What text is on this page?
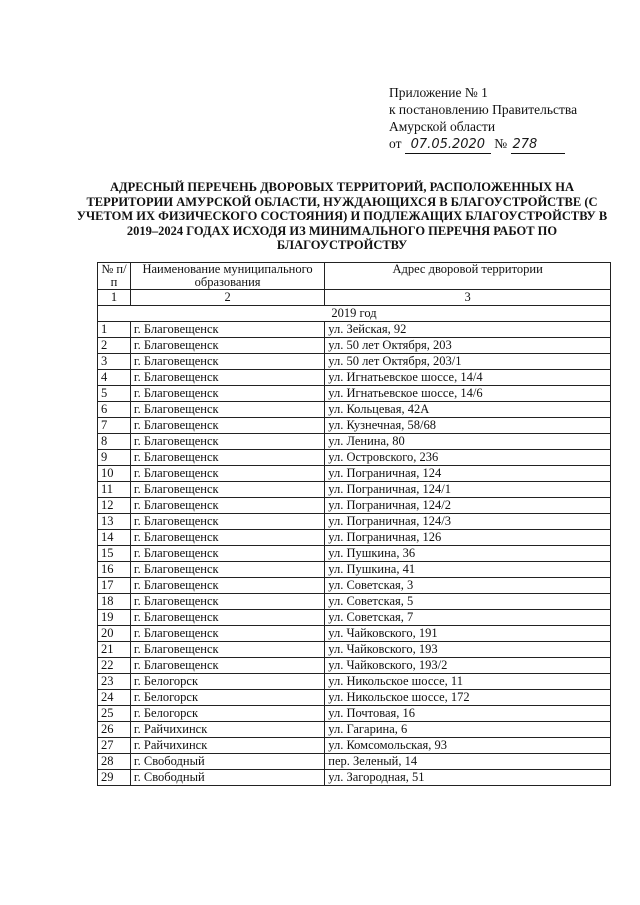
Приложение № 1
к постановлению Правительства
Амурской области
от 07.05.2020 № 278
АДРЕСНЫЙ ПЕРЕЧЕНЬ ДВОРОВЫХ ТЕРРИТОРИЙ, РАСПОЛОЖЕННЫХ НА ТЕРРИТОРИИ АМУРСКОЙ ОБЛАСТИ, НУЖДАЮЩИХСЯ В БЛАГОУСТРОЙСТВЕ (С УЧЕТОМ ИХ ФИЗИЧЕСКОГО СОСТОЯНИЯ) И ПОДЛЕЖАЩИХ БЛАГОУСТРОЙСТВУ В 2019–2024 ГОДАХ ИСХОДЯ ИЗ МИНИМАЛЬНОГО ПЕРЕЧНЯ РАБОТ ПО БЛАГОУСТРОЙСТВУ
№ п/п	Наименование муниципального образования	Адрес дворовой территории
1	2	3
2019 год		
1	г. Благовещенск	ул. Зейская, 92
2	г. Благовещенск	ул. 50 лет Октября, 203
3	г. Благовещенск	ул. 50 лет Октября, 203/1
4	г. Благовещенск	ул. Игнатьевское шоссе, 14/4
5	г. Благовещенск	ул. Игнатьевское шоссе, 14/6
6	г. Благовещенск	ул. Кольцевая, 42А
7	г. Благовещенск	ул. Кузнечная, 58/68
8	г. Благовещенск	ул. Ленина, 80
9	г. Благовещенск	ул. Островского, 236
10	г. Благовещенск	ул. Пограничная, 124
11	г. Благовещенск	ул. Пограничная, 124/1
12	г. Благовещенск	ул. Пограничная, 124/2
13	г. Благовещенск	ул. Пограничная, 124/3
14	г. Благовещенск	ул. Пограничная, 126
15	г. Благовещенск	ул. Пушкина, 36
16	г. Благовещенск	ул. Пушкина, 41
17	г. Благовещенск	ул. Советская, 3
18	г. Благовещенск	ул. Советская, 5
19	г. Благовещенск	ул. Советская, 7
20	г. Благовещенск	ул. Чайковского, 191
21	г. Благовещенск	ул. Чайковского, 193
22	г. Благовещенск	ул. Чайковского, 193/2
23	г. Белогорск	ул. Никольское шоссе, 11
24	г. Белогорск	ул. Никольское шоссе, 172
25	г. Белогорск	ул. Почтовая, 16
26	г. Райчихинск	ул. Гагарина, 6
27	г. Райчихинск	ул. Комсомольская, 93
28	г. Свободный	пер. Зеленый, 14
29	г. Свободный	ул. Загородная, 51
